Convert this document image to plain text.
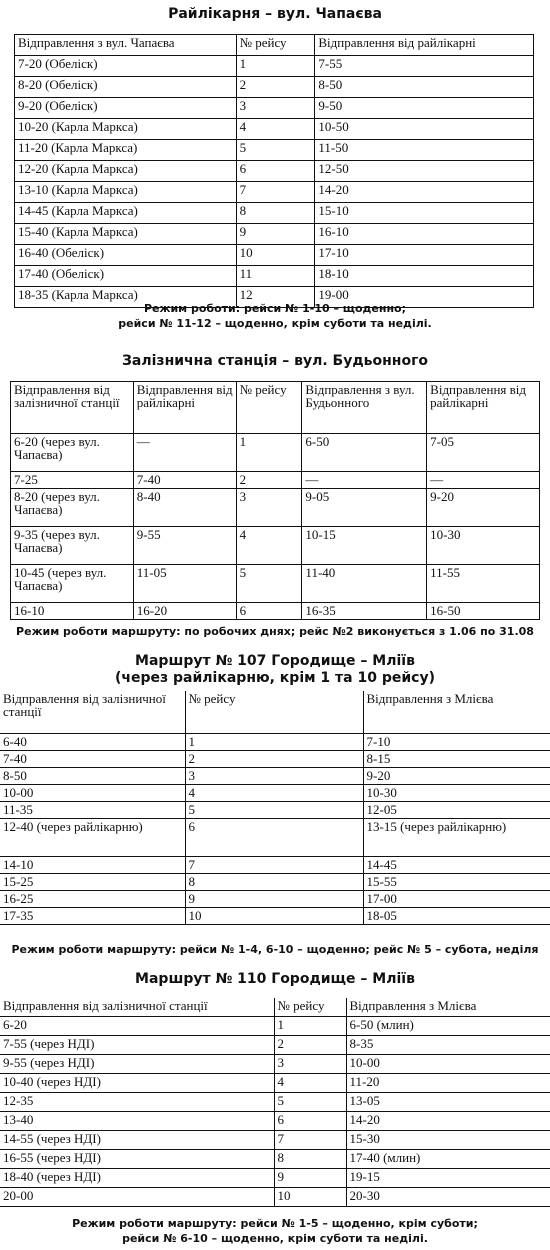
Райлікарня – вул. Чапаєва
Відправлення з вул. Чапаєва	№ рейсу	Відправлення від райлікарні
7-20 (Обеліск)	1	7-55
8-20 (Обеліск)	2	8-50
9-20 (Обеліск)	3	9-50
10-20 (Карла Маркса)	4	10-50
11-20 (Карла Маркса)	5	11-50
12-20 (Карла Маркса)	6	12-50
13-10 (Карла Маркса)	7	14-20
14-45 (Карла Маркса)	8	15-10
15-40 (Карла Маркса)	9	16-10
16-40 (Обеліск)	10	17-10
17-40 (Обеліск)	11	18-10
18-35 (Карла Маркса)	12	19-00
Режим роботи: рейси № 1-10 – щоденно;
рейси № 11-12 – щоденно, крім суботи та неділі.
Залізнична станція – вул. Будьонного
Відправлення від залізничної станції	Відправлення від райлікарні	№ рейсу	Відправлення з вул. Будьонного	Відправлення від райлікарні
6-20 (через вул. Чапаєва)	—	1	6-50	7-05
7-25	7-40	2	—	—
8-20 (через вул. Чапаєва)	8-40	3	9-05	9-20
9-35 (через вул. Чапаєва)	9-55	4	10-15	10-30
10-45 (через вул. Чапаєва)	11-05	5	11-40	11-55
16-10	16-20	6	16-35	16-50
Режим роботи маршруту: по робочих днях; рейс №2 виконується з 1.06 по 31.08
Маршрут № 107 Городище – Мліїв
(через райлікарню, крім 1 та 10 рейсу)
Відправлення від залізничної станції	№ рейсу	Відправлення з Млієва
6-40	1	7-10
7-40	2	8-15
8-50	3	9-20
10-00	4	10-30
11-35	5	12-05
12-40 (через райлікарню)	6	13-15 (через райлікарню)
14-10	7	14-45
15-25	8	15-55
16-25	9	17-00
17-35	10	18-05
Режим роботи маршруту: рейси № 1-4, 6-10 – щоденно; рейс № 5 – субота, неділя
Маршрут № 110 Городище – Мліїв
Відправлення від залізничної станції	№ рейсу	Відправлення з Млієва
6-20	1	6-50 (млин)
7-55 (через НДІ)	2	8-35
9-55 (через НДІ)	3	10-00
10-40 (через НДІ)	4	11-20
12-35	5	13-05
13-40	6	14-20
14-55 (через НДІ)	7	15-30
16-55 (через НДІ)	8	17-40 (млин)
18-40 (через НДІ)	9	19-15
20-00	10	20-30
Режим роботи маршруту: рейси № 1-5 – щоденно, крім суботи;
рейси № 6-10 – щоденно, крім суботи та неділі.
